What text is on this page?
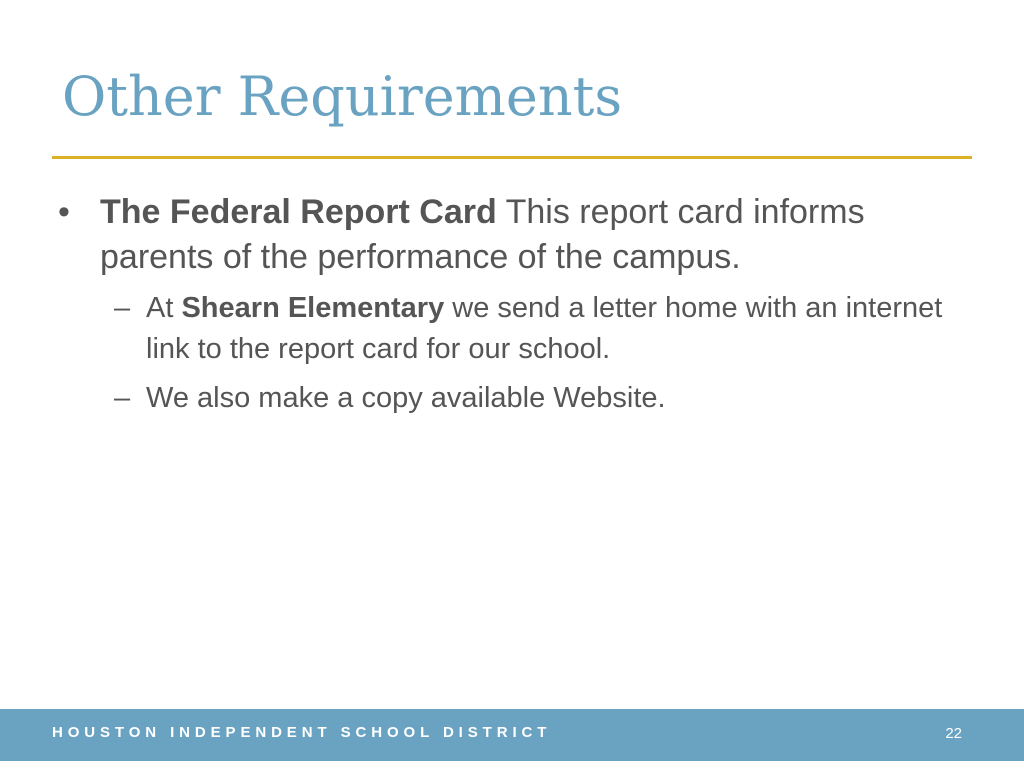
Other Requirements
• The Federal Report Card This report card informs parents of the performance of the campus.
– At Shearn Elementary we send a letter home with an internet link to the report card for our school.
– We also make a copy available Website.
HOUSTON INDEPENDENT SCHOOL DISTRICT	22
